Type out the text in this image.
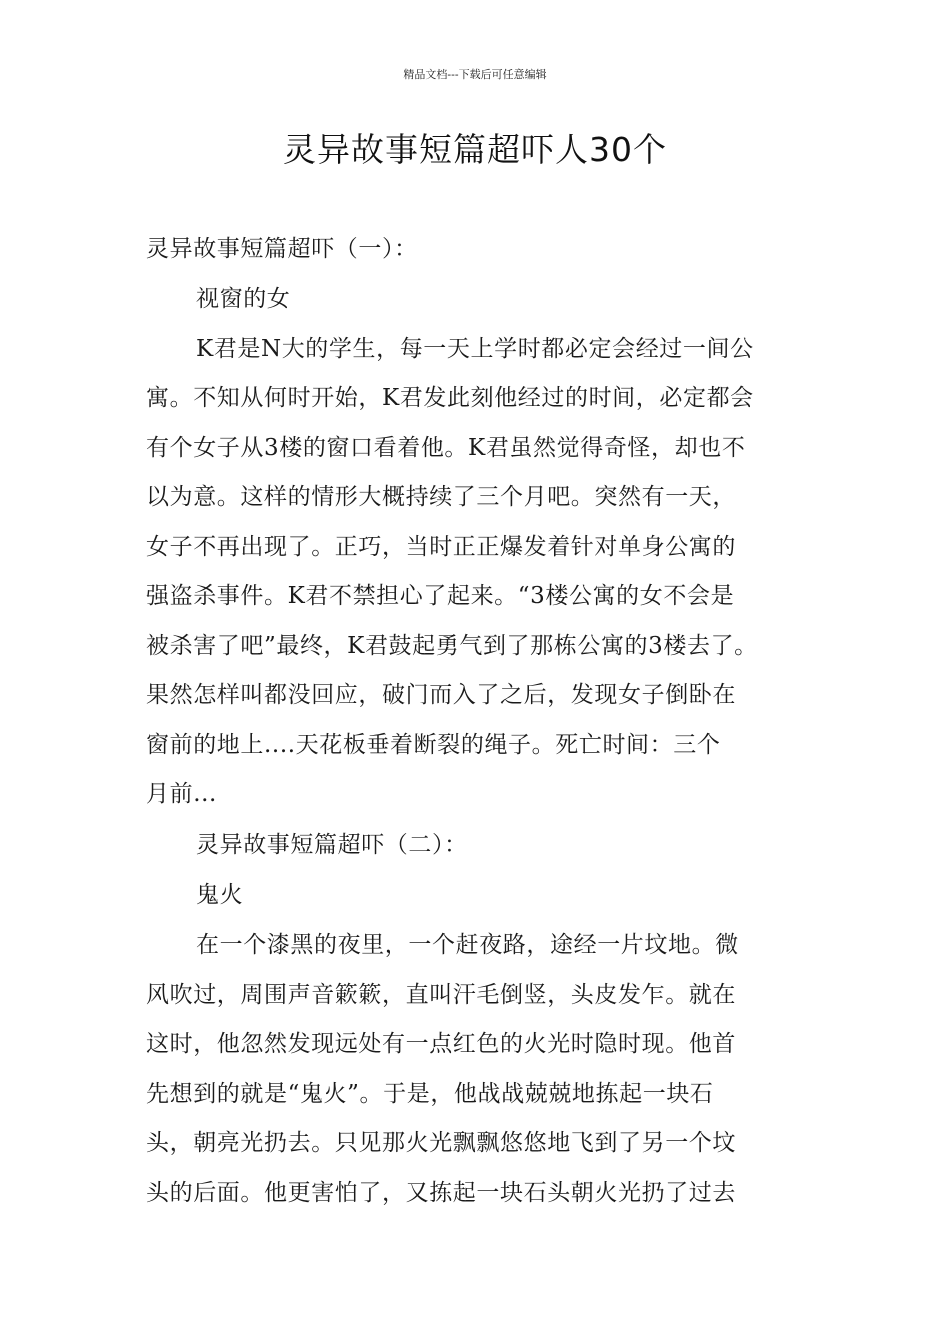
精品文档---下载后可任意编辑
灵异故事短篇超吓人30个
灵异故事短篇超吓（一）：
视窗的女
K君是N大的学生，每一天上学时都必定会经过一间公
寓。不知从何时开始，K君发此刻他经过的时间，必定都会
有个女子从3楼的窗口看着他。K君虽然觉得奇怪，却也不
以为意。这样的情形大概持续了三个月吧。突然有一天，
女子不再出现了。正巧，当时正正爆发着针对单身公寓的
强盗杀事件。K君不禁担心了起来。“3楼公寓的女不会是
被杀害了吧”最终，K君鼓起勇气到了那栋公寓的3楼去了。
果然怎样叫都没回应，破门而入了之后，发现女子倒卧在
窗前的地上....天花板垂着断裂的绳子。死亡时间：三个
月前...
灵异故事短篇超吓（二）：
鬼火
在一个漆黑的夜里，一个赶夜路，途经一片坟地。微
风吹过，周围声音簌簌，直叫汗毛倒竖，头皮发乍。就在
这时，他忽然发现远处有一点红色的火光时隐时现。他首
先想到的就是“鬼火”。于是，他战战兢兢地拣起一块石
头，朝亮光扔去。只见那火光飘飘悠悠地飞到了另一个坟
头的后面。他更害怕了，又拣起一块石头朝火光扔了过去
